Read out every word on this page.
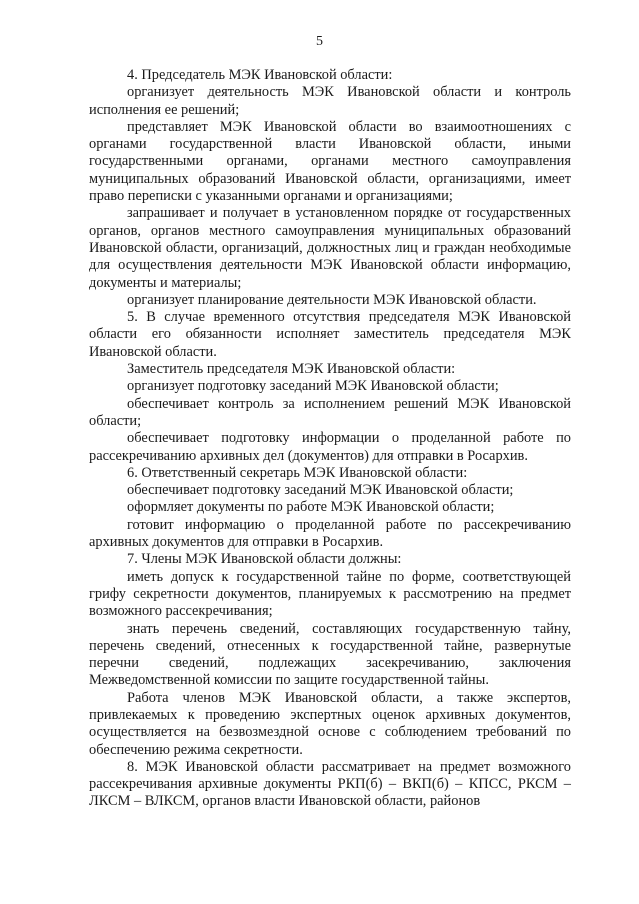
5

4. Председатель МЭК Ивановской области:

организует деятельность МЭК Ивановской области и контроль исполнения ее решений;

представляет МЭК Ивановской области во взаимоотношениях с органами государственной власти Ивановской области, иными государственными органами, органами местного самоуправления муниципальных образований Ивановской области, организациями, имеет право переписки с указанными органами и организациями;

запрашивает и получает в установленном порядке от государственных органов, органов местного самоуправления муниципальных образований Ивановской области, организаций, должностных лиц и граждан необходимые для осуществления деятельности МЭК Ивановской области информацию, документы и материалы;

организует планирование деятельности МЭК Ивановской области.

5. В случае временного отсутствия председателя МЭК Ивановской области его обязанности исполняет заместитель председателя МЭК Ивановской области.

Заместитель председателя МЭК Ивановской области:

организует подготовку заседаний МЭК Ивановской области;

обеспечивает контроль за исполнением решений МЭК Ивановской области;

обеспечивает подготовку информации о проделанной работе по рассекречиванию архивных дел (документов) для отправки в Росархив.

6. Ответственный секретарь МЭК Ивановской области:

обеспечивает подготовку заседаний МЭК Ивановской области;

оформляет документы по работе МЭК Ивановской области;

готовит информацию о проделанной работе по рассекречиванию архивных документов для отправки в Росархив.

7. Члены МЭК Ивановской области должны:

иметь допуск к государственной тайне по форме, соответствующей грифу секретности документов, планируемых к рассмотрению на предмет возможного рассекречивания;

знать перечень сведений, составляющих государственную тайну, перечень сведений, отнесенных к государственной тайне, развернутые перечни сведений, подлежащих засекречиванию, заключения Межведомственной комиссии по защите государственной тайны.

Работа членов МЭК Ивановской области, а также экспертов, привлекаемых к проведению экспертных оценок архивных документов, осуществляется на безвозмездной основе с соблюдением требований по обеспечению режима секретности.

8. МЭК Ивановской области рассматривает на предмет возможного рассекречивания архивные документы РКП(б) – ВКП(б) – КПСС, РКСМ – ЛКСМ – ВЛКСМ, органов власти Ивановской области, районов
